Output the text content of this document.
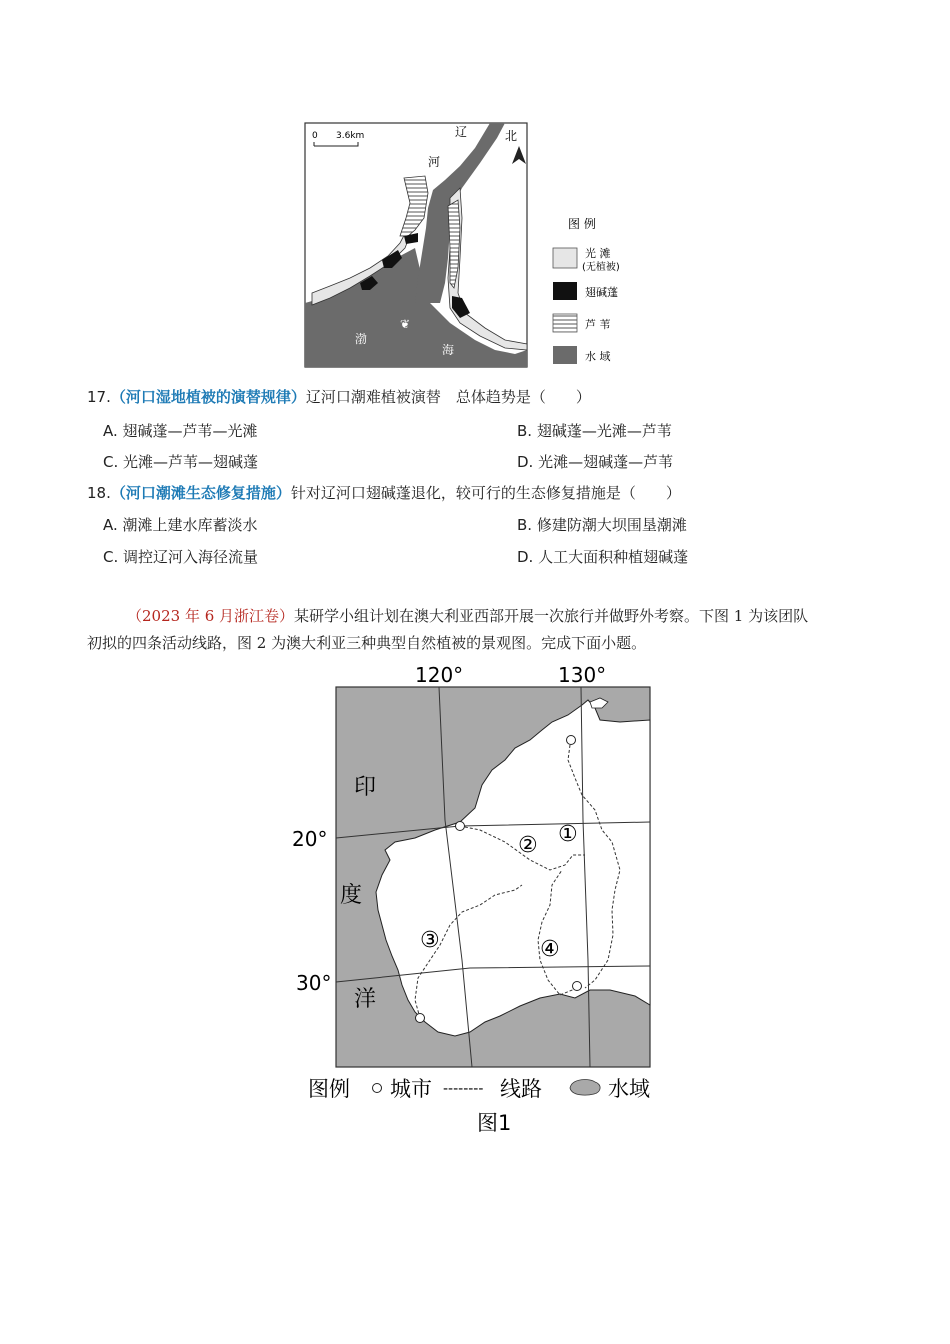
0 3.6km	辽
河
北
渤
❦
海
图 例
光 滩
(无植被)
翅碱蓬
芦 苇
水 域
17.（河口湿地植被的演替规律）辽河口潮难植被演替　总体趋势是（　　）
A. 翅碱蓬—芦苇—光滩	B. 翅碱蓬—光滩—芦苇
C. 光滩—芦苇—翅碱蓬	D. 光滩—翅碱蓬—芦苇
18.（河口潮滩生态修复措施）针对辽河口翅碱蓬退化，较可行的生态修复措施是（　　）
A. 潮滩上建水库蓄淡水	B. 修建防潮大坝围垦潮滩
C. 调控辽河入海径流量	D. 人工大面积种植翅碱蓬
（2023 年 6 月浙江卷）某研学小组计划在澳大利亚西部开展一次旅行并做野外考察。下图 1 为该团队
初拟的四条活动线路，图 2 为澳大利亚三种典型自然植被的景观图。完成下面小题。
①
②
③	④
120°	130°
20°
30°
印
度
洋
图例 城市 -------- 线路	水域
图1
